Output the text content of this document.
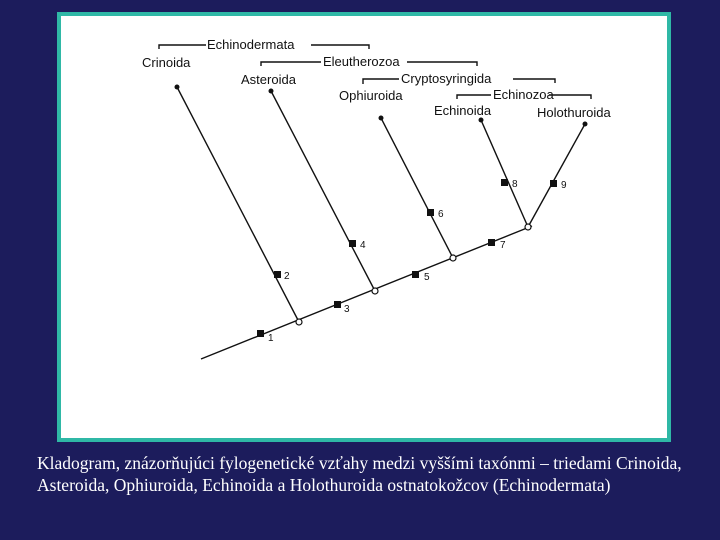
1
2
3
4
5
6
7
8	9
Echinodermata
Eleutherozoa
Cryptosyringida
Echinozoa
Crinoida
Asteroida
Ophiuroida
Echinoida	Holothuroida

Kladogram, znázorňujúci fylogenetické vzťahy medzi vyššími taxónmi – triedami Crinoida, Asteroida, Ophiuroida, Echinoida a Holothuroida ostnatokožcov (Echinodermata)
